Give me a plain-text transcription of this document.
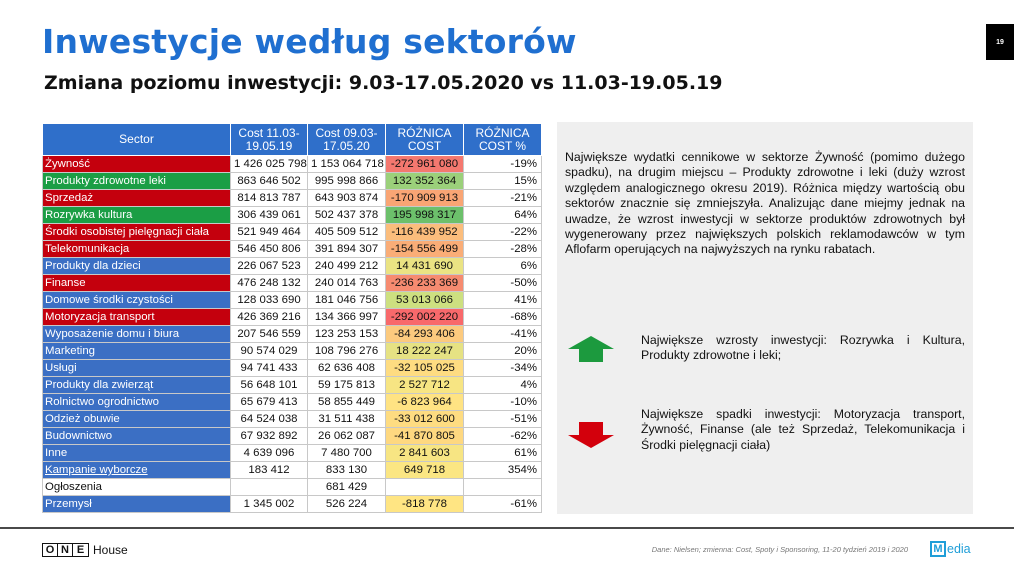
Inwestycje według sektorów
Zmiana poziomu inwestycji: 9.03-17.05.2020 vs 11.03-19.05.19
19
Sector	Cost 11.03-19.05.19	Cost 09.03-17.05.20	RÓŻNICA COST	RÓŻNICA COST %
Żywność	1 426 025 798	1 153 064 718	-272 961 080	-19%
Produkty zdrowotne leki	863 646 502	995 998 866	132 352 364	15%
Sprzedaż	814 813 787	643 903 874	-170 909 913	-21%
Rozrywka kultura	306 439 061	502 437 378	195 998 317	64%
Środki osobistej pielęgnacji ciała	521 949 464	405 509 512	-116 439 952	-22%
Telekomunikacja	546 450 806	391 894 307	-154 556 499	-28%
Produkty dla dzieci	226 067 523	240 499 212	14 431 690	6%
Finanse	476 248 132	240 014 763	-236 233 369	-50%
Domowe środki czystości	128 033 690	181 046 756	53 013 066	41%
Motoryzacja transport	426 369 216	134 366 997	-292 002 220	-68%
Wyposażenie domu i biura	207 546 559	123 253 153	-84 293 406	-41%
Marketing	90 574 029	108 796 276	18 222 247	20%
Usługi	94 741 433	62 636 408	-32 105 025	-34%
Produkty dla zwierząt	56 648 101	59 175 813	2 527 712	4%
Rolnictwo ogrodnictwo	65 679 413	58 855 449	-6 823 964	-10%
Odzież obuwie	64 524 038	31 511 438	-33 012 600	-51%
Budownictwo	67 932 892	26 062 087	-41 870 805	-62%
Inne	4 639 096	7 480 700	2 841 603	61%
Kampanie wyborcze	183 412	833 130	649 718	354%
Ogłoszenia		681 429		
Przemysł	1 345 002	526 224	-818 778	-61%
Największe wydatki cennikowe w sektorze Żywność (pomimo dużego spadku), na drugim miejscu – Produkty zdrowotne i leki (duży wzrost względem analogicznego okresu 2019). Różnica między wartością obu sektorów znacznie się zmniejszyła. Analizując dane miejmy jednak na uwadze, że wzrost inwestycji w sektorze produktów zdrowotnych był wygenerowany przez największych polskich reklamodawców w tym Aflofarm operujących na najwyższych na rynku rabatach.
Największe wzrosty inwestycji: Rozrywka i Kultura, Produkty zdrowotne i leki;
Największe spadki inwestycji: Motoryzacja transport, Żywność, Finanse (ale też Sprzedaż, Telekomunikacja i Środki pielęgnacji ciała)
O N E House	Dane: Nielsen; zmienna: Cost, Spoty i Sponsoring, 11-20 tydzień 2019 i 2020	M edia
